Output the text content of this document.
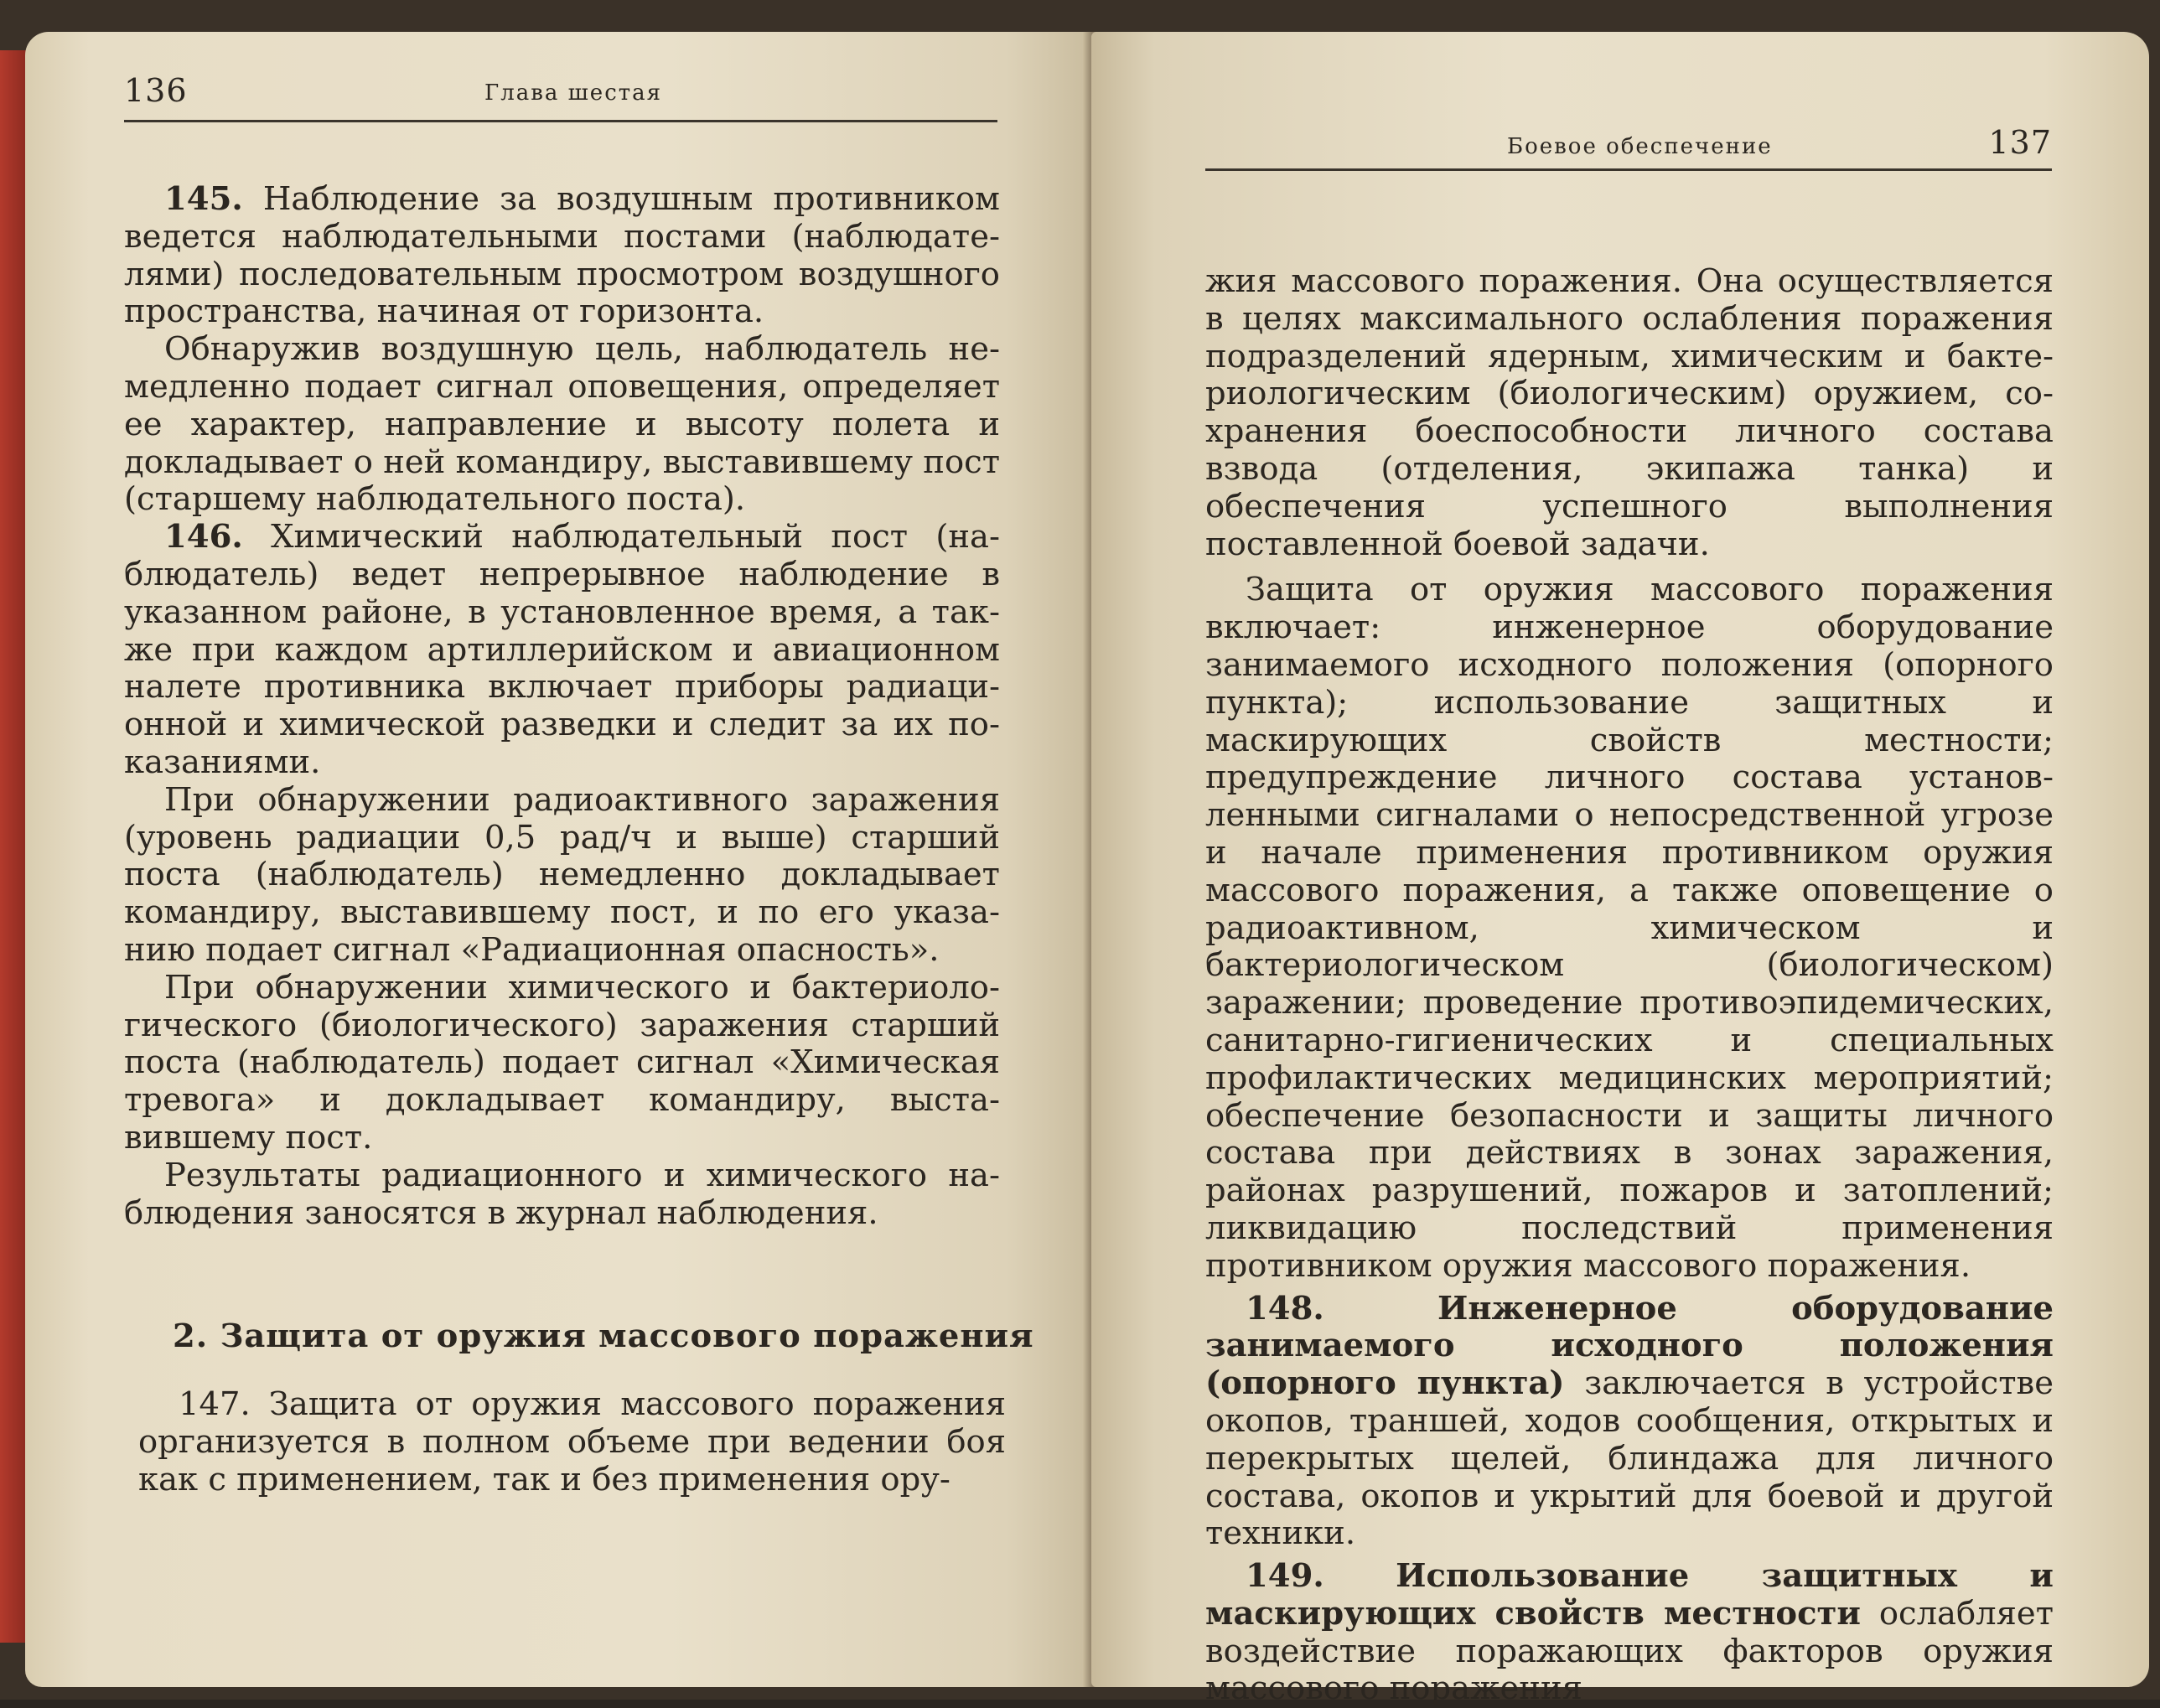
136	Глава шестая

145. Наблюдение за воздушным противником ведется наблюдательными постами (наблюдателями) последовательным просмотром воздушного пространства, начиная от горизонта.

Обнаружив воздушную цель, наблюдатель немедленно подает сигнал оповещения, определяет ее характер, направление и высоту полета и докладывает о ней командиру, выставившему пост (старшему наблюдательного поста).

146. Химический наблюдательный пост (наблюдатель) ведет непрерывное наблюдение в указанном районе, в установленное время, а также при каждом артиллерийском и авиационном налете противника включает приборы радиационной и химической разведки и следит за их показаниями.

При обнаружении радиоактивного заражения (уровень радиации 0,5 рад/ч и выше) старший поста (наблюдатель) немедленно докладывает командиру, выставившему пост, и по его указанию подает сигнал «Радиационная опасность».

При обнаружении химического и бактериологического (биологического) заражения старший поста (наблюдатель) подает сигнал «Химическая тревога» и докладывает командиру, выставившему пост.

Результаты радиационного и химического наблюдения заносятся в журнал наблюдения.

2. Защита от оружия массового поражения

147. Защита от оружия массового поражения организуется в полном объеме при ведении боя как с применением, так и без применения ору-

Боевое обеспечение	137

жия массового поражения. Она осуществляется в целях максимального ослабления поражения подразделений ядерным, химическим и бактериологическим (биологическим) оружием, сохранения боеспособности личного состава взвода (отделения, экипажа танка) и обеспечения успешного выполнения поставленной боевой задачи.

Защита от оружия массового поражения включает: инженерное оборудование занимаемого исходного положения (опорного пункта); использование защитных и маскирующих свойств местности; предупреждение личного состава установленными сигналами о непосредственной угрозе и начале применения противником оружия массового поражения, а также оповещение о радиоактивном, химическом и бактериологическом (биологическом) заражении; проведение противоэпидемических, санитарно-гигиенических и специальных профилактических медицинских мероприятий; обеспечение безопасности и защиты личного состава при действиях в зонах заражения, районах разрушений, пожаров и затоплений; ликвидацию последствий применения противником оружия массового поражения.

148.	Инженерное оборудование занимаемого исходного положения (опорного пункта) заключается в устройстве окопов, траншей, ходов сообщения, открытых и перекрытых щелей, блиндажа для личного состава, окопов и укрытий для боевой и другой техники.

149. Использование защитных и маскирующих свойств местности ослабляет воздействие поражающих факторов оружия массового поражения
